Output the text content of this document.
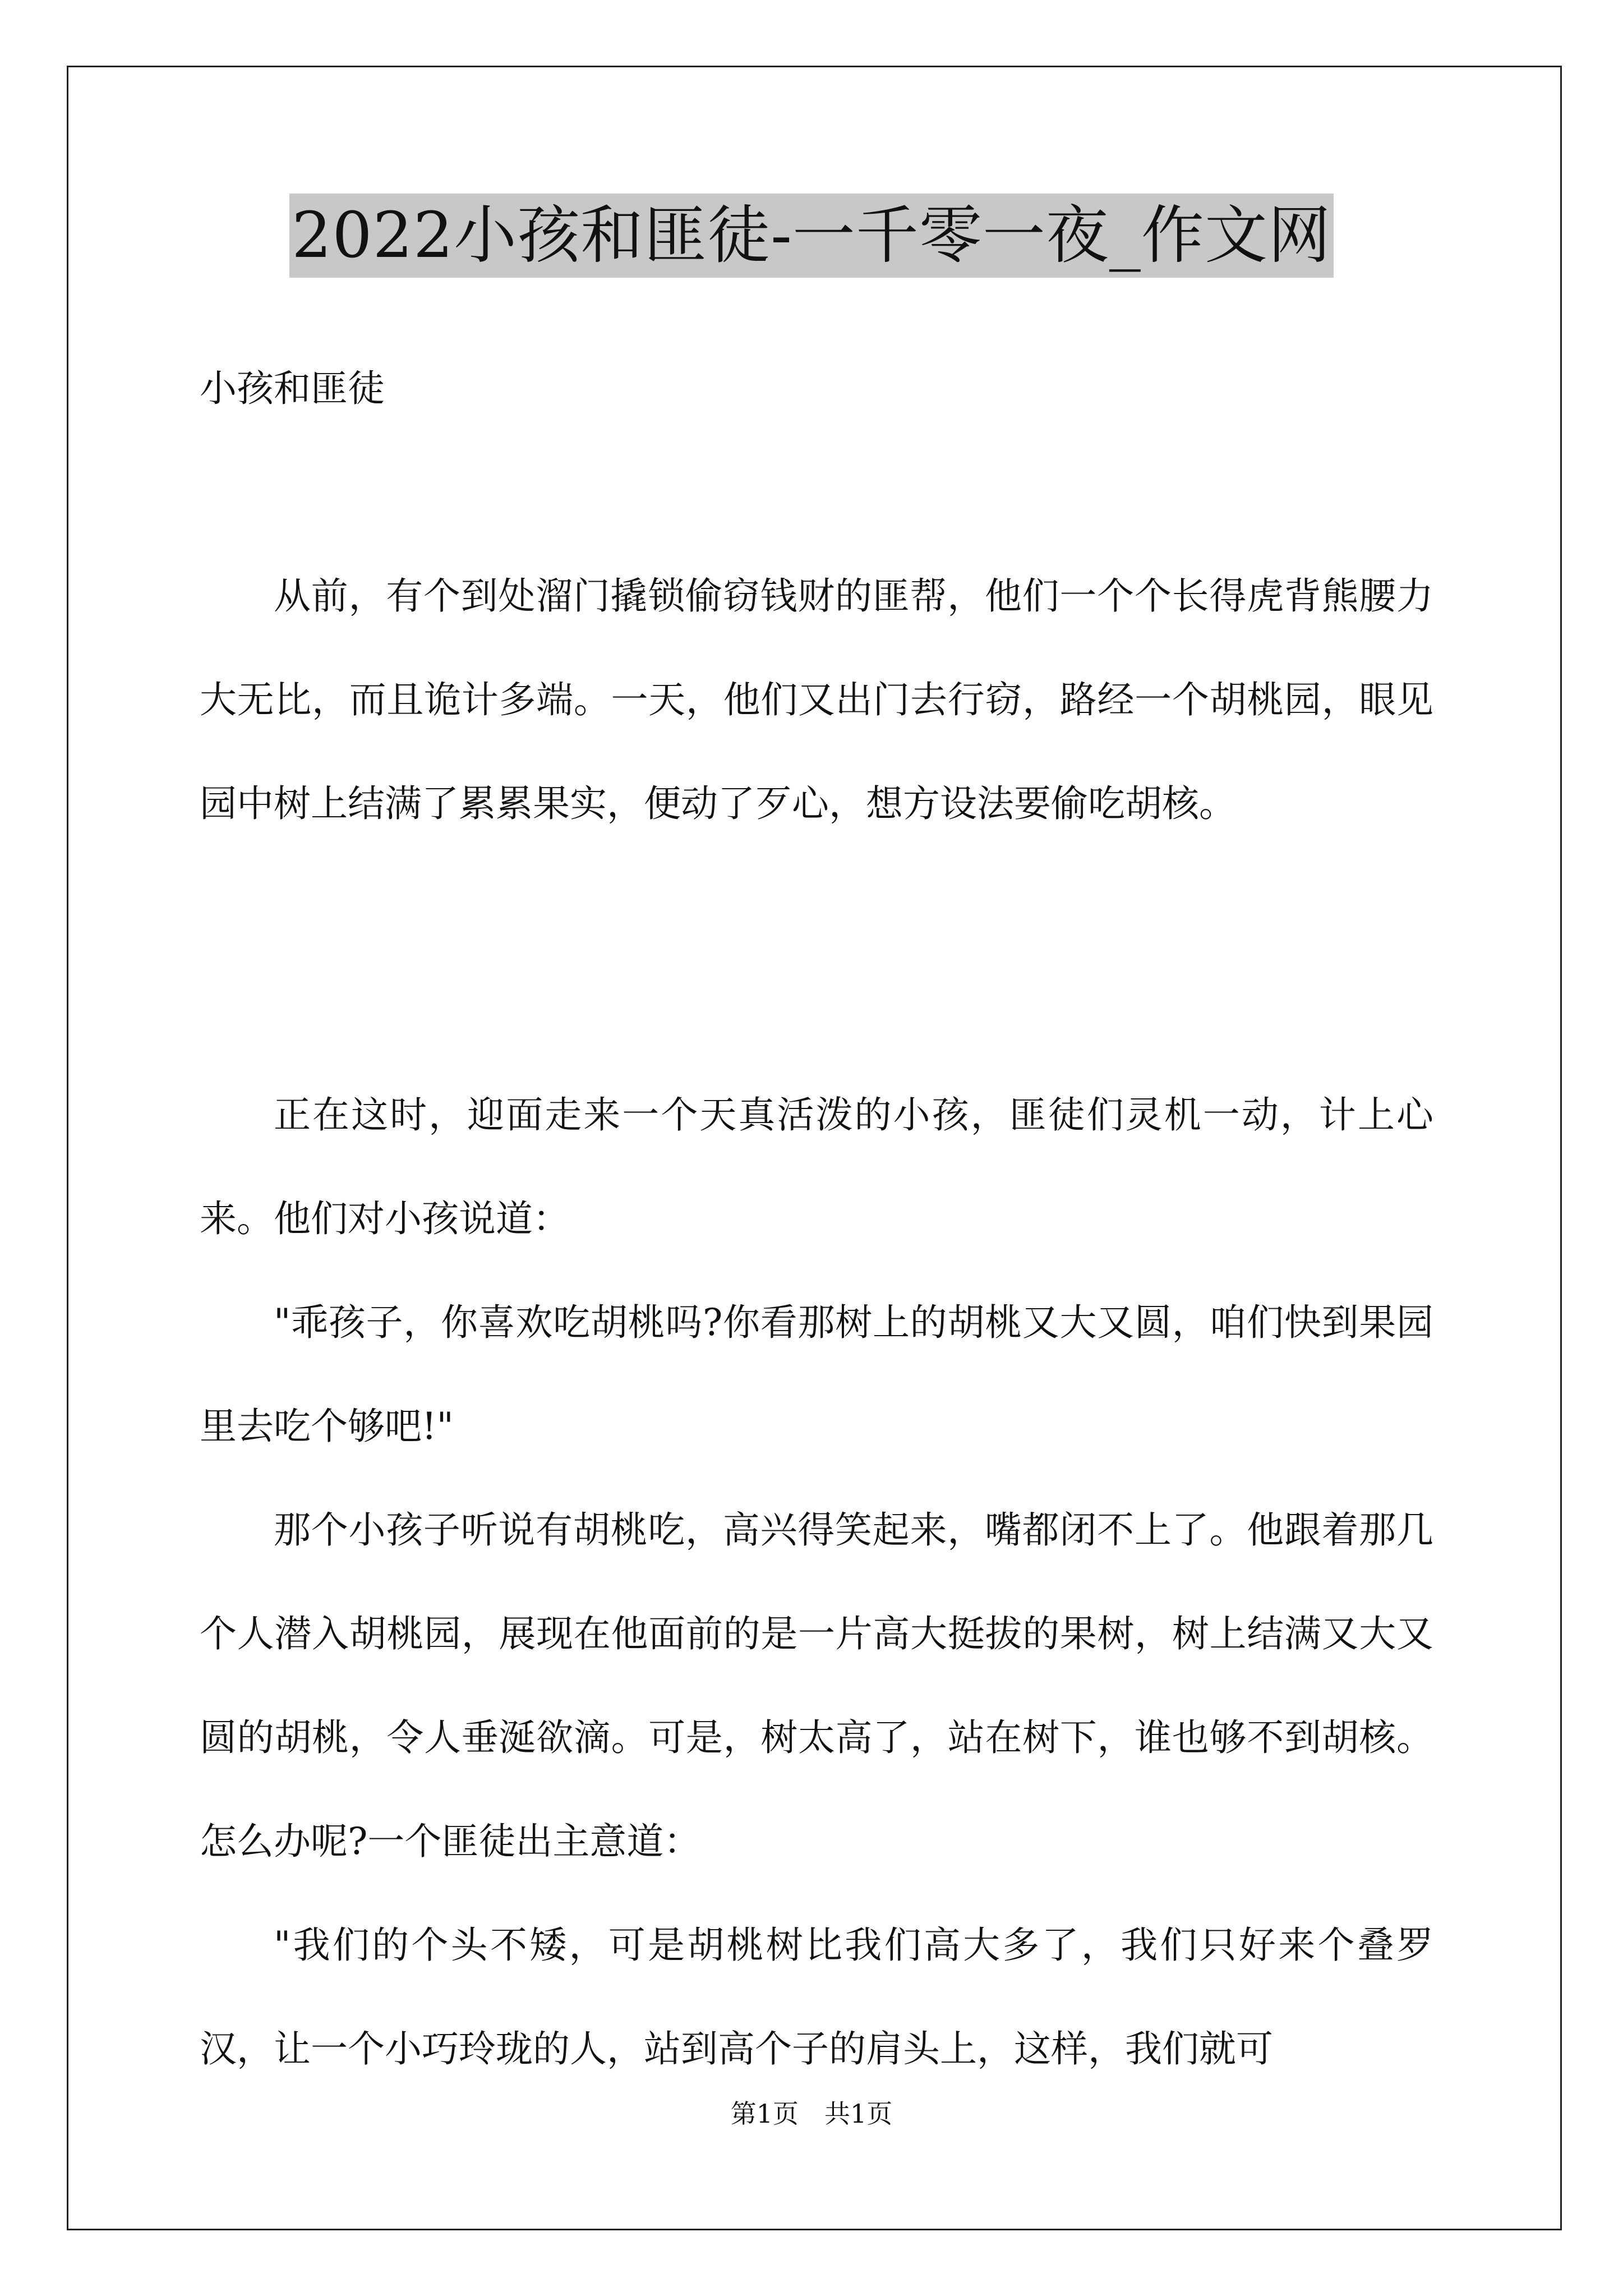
2022小孩和匪徒-一千零一夜_作文网

小孩和匪徒

从前，有个到处溜门撬锁偷窃钱财的匪帮，他们一个个长得虎背熊腰力大无比，而且诡计多端。一天，他们又出门去行窃，路经一个胡桃园，眼见园中树上结满了累累果实，便动了歹心，想方设法要偷吃胡核。

正在这时，迎面走来一个天真活泼的小孩，匪徒们灵机一动，计上心来。他们对小孩说道：

"乖孩子，你喜欢吃胡桃吗?你看那树上的胡桃又大又圆，咱们快到果园里去吃个够吧!"

那个小孩子听说有胡桃吃，高兴得笑起来，嘴都闭不上了。他跟着那几个人潜入胡桃园，展现在他面前的是一片高大挺拔的果树，树上结满又大又圆的胡桃，令人垂涎欲滴。可是，树太高了，站在树下，谁也够不到胡核。怎么办呢?一个匪徒出主意道：

"我们的个头不矮，可是胡桃树比我们高大多了，我们只好来个叠罗汉，让一个小巧玲珑的人，站到高个子的肩头上，这样，我们就可

第1页　共1页
